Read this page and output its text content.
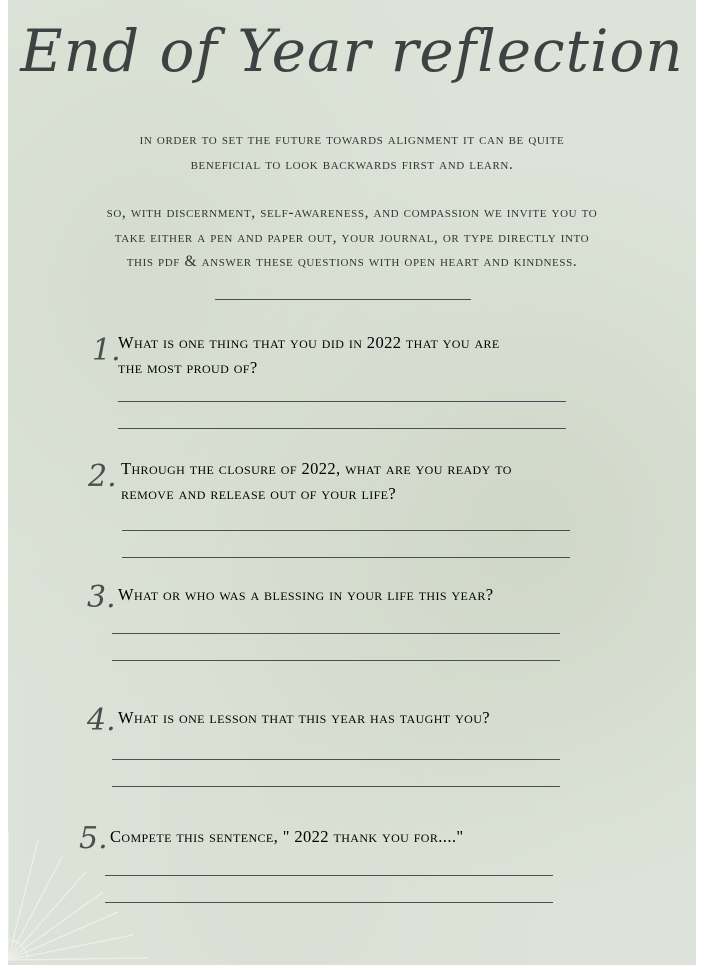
End of Year reflection
in order to set the future towards alignment it can be quite
beneficial to look backwards first and learn.
so, with discernment, self-awareness, and compassion we invite you to
take either a pen and paper out, your journal, or type directly into
this pdf & answer these questions with open heart and kindness.
1.
What is one thing that you did in 2022 that you are
the most proud of?
2. Through the closure of 2022, what are you ready to
remove and release out of your life?
3. What or who was a blessing in your life this year?
4. What is one lesson that this year has taught you?
5. Compete this sentence, " 2022 thank you for...."
